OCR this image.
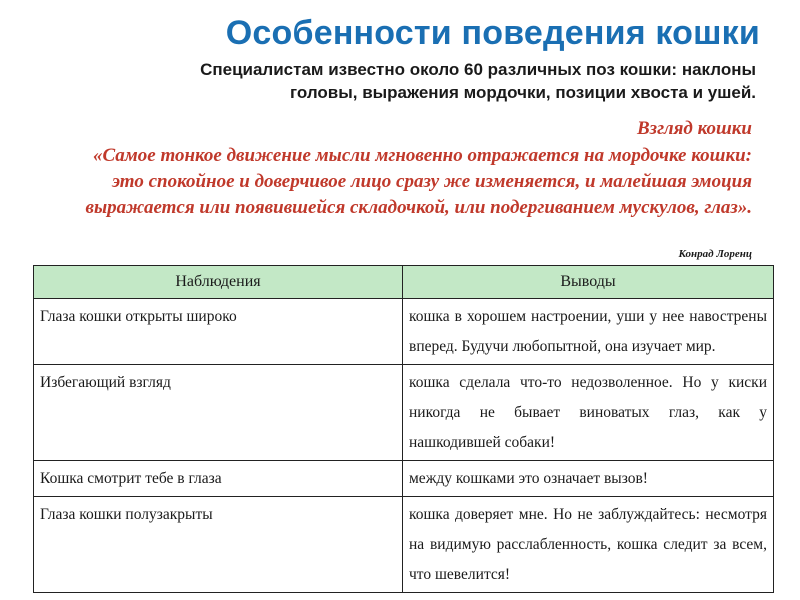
Особенности поведения кошки

Специалистам известно около 60 различных поз кошки: наклоны головы, выражения мордочки, позиции хвоста и ушей.

Взгляд кошки
«Самое тонкое движение мысли мгновенно отражается на мордочке кошки: это спокойное и доверчивое лицо сразу же изменяется, и малейшая эмоция выражается или появившейся складочкой, или подергиванием мускулов, глаз».
Конрад Лоренц
Наблюдения	Выводы
Глаза кошки открыты широко	кошка в хорошем настроении, уши у нее навострены вперед. Будучи любопытной, она изучает мир.
Избегающий взгляд	кошка сделала что-то недозволенное. Но у киски никогда не бывает виноватых глаз, как у нашкодившей собаки!
Кошка смотрит тебе в глаза	между кошками это означает вызов!
Глаза кошки полузакрыты	кошка доверяет мне. Но не заблуждайтесь: несмотря на видимую расслабленность, кошка следит за всем, что шевелится!
